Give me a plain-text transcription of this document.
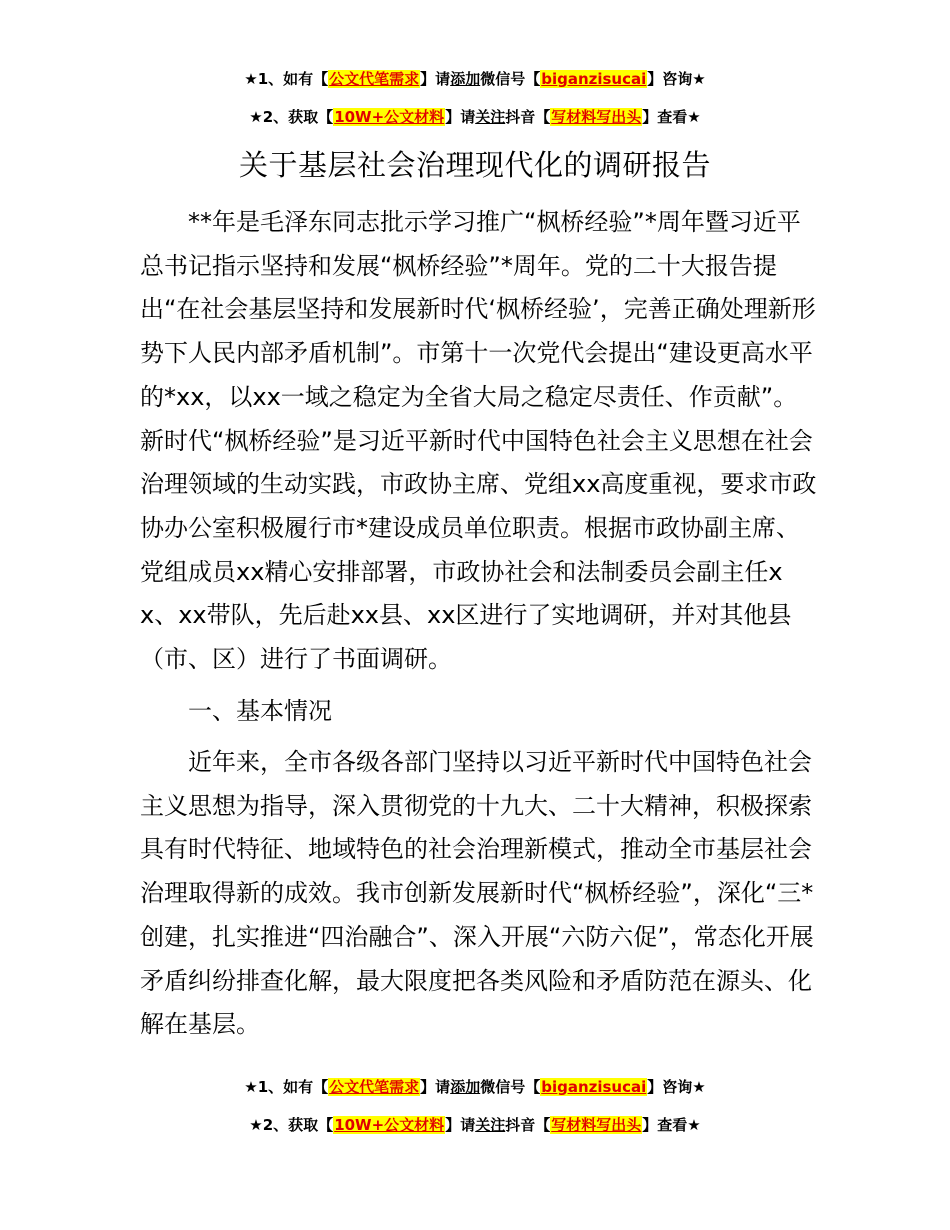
★1、如有【公文代笔需求】请添加微信号【biganzisucai】咨询★
★2、获取【10W+公文材料】请关注抖音【写材料写出头】查看★
关于基层社会治理现代化的调研报告

**年是毛泽东同志批示学习推广“枫桥经验”*周年暨习近平总书记指示坚持和发展“枫桥经验”*周年。党的二十大报告提出“在社会基层坚持和发展新时代‘枫桥经验’，完善正确处理新形势下人民内部矛盾机制”。市第十一次党代会提出“建设更高水平的*xx，以xx一域之稳定为全省大局之稳定尽责任、作贡献”。新时代“枫桥经验”是习近平新时代中国特色社会主义思想在社会治理领域的生动实践，市政协主席、党组xx高度重视，要求市政协办公室积极履行市*建设成员单位职责。根据市政协副主席、党组成员xx精心安排部署，市政协社会和法制委员会副主任xx、xx带队，先后赴xx县、xx区进行了实地调研，并对其他县（市、区）进行了书面调研。

一、基本情况

近年来，全市各级各部门坚持以习近平新时代中国特色社会主义思想为指导，深入贯彻党的十九大、二十大精神，积极探索具有时代特征、地域特色的社会治理新模式，推动全市基层社会治理取得新的成效。我市创新发展新时代“枫桥经验”，深化“三*创建，扎实推进“四治融合”、深入开展“六防六促”，常态化开展矛盾纠纷排查化解，最大限度把各类风险和矛盾防范在源头、化解在基层。

★1、如有【公文代笔需求】请添加微信号【biganzisucai】咨询★
★2、获取【10W+公文材料】请关注抖音【写材料写出头】查看★
